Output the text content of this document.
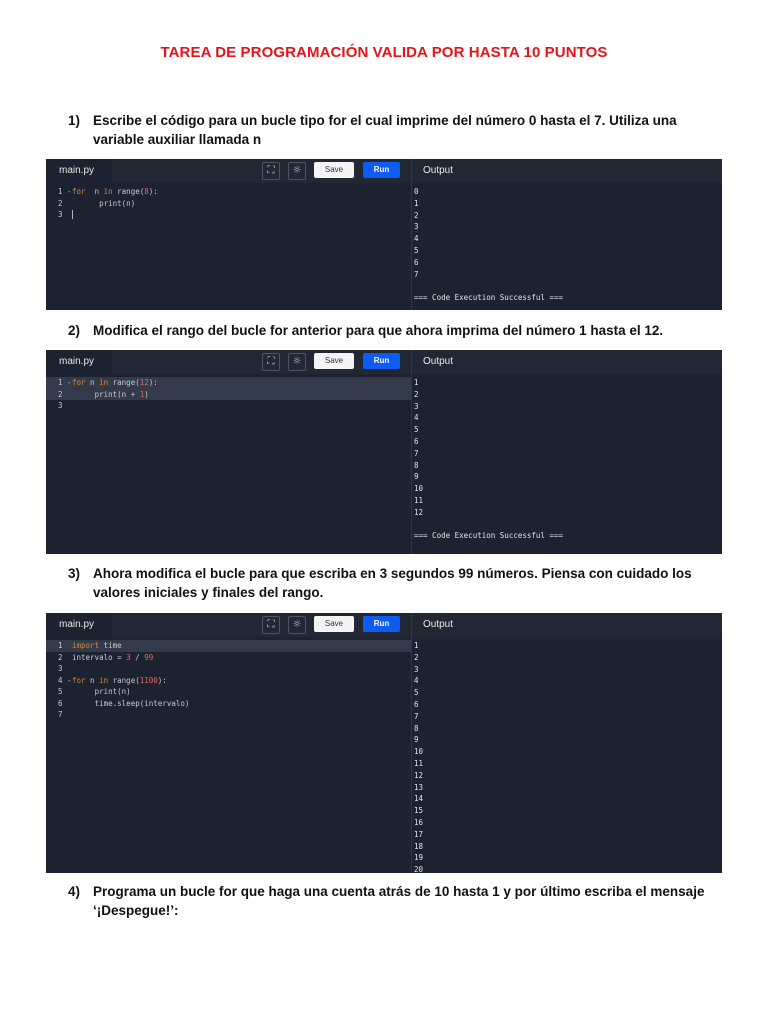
TAREA DE PROGRAMACIÓN VALIDA POR HASTA 10 PUNTOS
1) Escribe el código para un bucle tipo for el cual imprime del número 0 hasta el 7. Utiliza una variable auxiliar llamada n
main.py	⛶	☼	Save	Run	Output
1 - for  n in range(8):
2 print(n)
3
0
1
2
3
4
5
6
7
=== Code Execution Successful ===
2) Modifica el rango del bucle for anterior para que ahora imprima del número 1 hasta el 12.
main.py	⛶	☼	Save	Run	Output
1 - for n in range(12):
2 print(n + 1)
3
1
2
3
4
5
6
7
8
9
10
11
12
=== Code Execution Successful ===
3) Ahora modifica el bucle para que escriba en 3 segundos 99 números. Piensa con cuidado los valores iniciales y finales del rango.
main.py	⛶	☼	Save	Run	Output
1 import time
2 intervalo = 3 / 99
3
4 - for n in range(1100):
5 print(n)
6 time.sleep(intervalo)
7
1
2
3
4
5
6
7
8
9
10
11
12
13
14
15
16
17
18
19
20
4) Programa un bucle for que haga una cuenta atrás de 10 hasta 1 y por último escriba el mensaje ‘¡Despegue!’:
